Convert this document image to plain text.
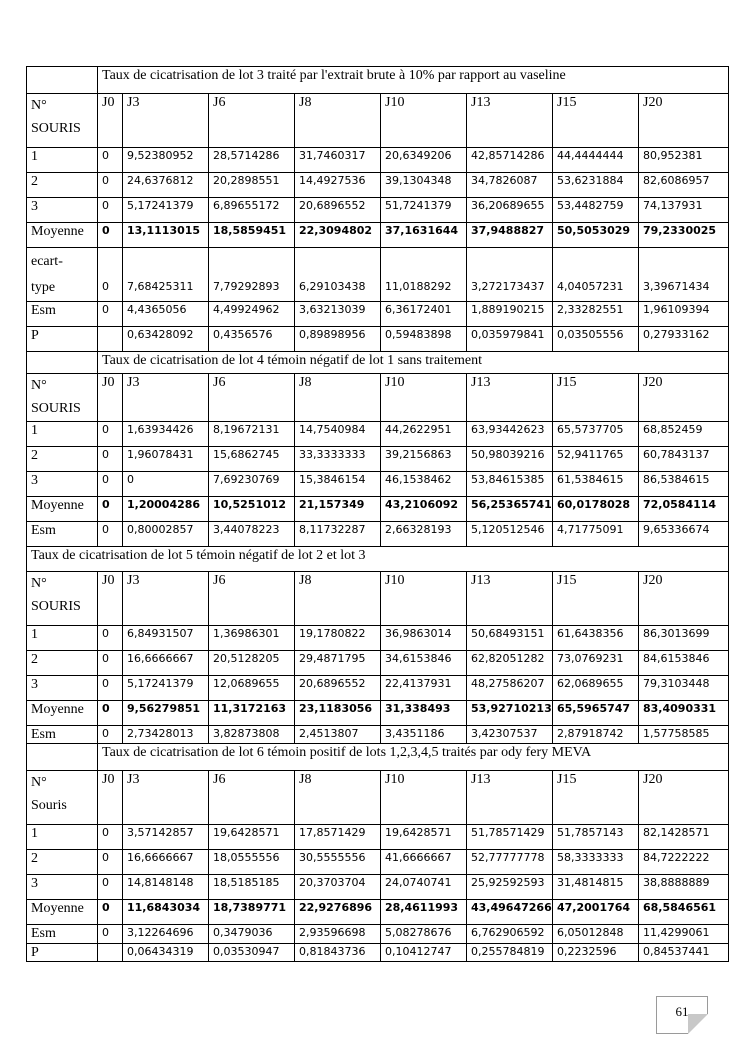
	Taux de cicatrisation de lot 3 traité par l'extrait brute à 10% par rapport au vaseline							

N°
SOURIS	J0	J3	J6	J8	J10	J13	J15	J20
1	0	9,52380952	28,5714286	31,7460317	20,6349206	42,85714286	44,4444444	80,952381
2	0	24,6376812	20,2898551	14,4927536	39,1304348	34,7826087	53,6231884	82,6086957
3	0	5,17241379	6,89655172	20,6896552	51,7241379	36,20689655	53,4482759	74,137931
Moyenne	0	13,1113015	18,5859451	22,3094802	37,1631644	37,9488827	50,5053029	79,2330025

ecart-
type	0	7,68425311	7,79292893	6,29103438	11,0188292	3,272173437	4,04057231	3,39671434
Esm	0	4,4365056	4,49924962	3,63213039	6,36172401	1,889190215	2,33282551	1,96109394
P		0,63428092	0,4356576	0,89898956	0,59483898	0,035979841	0,03505556	0,27933162
	Taux de cicatrisation de lot 4 témoin négatif de lot 1 sans traitement							

N°
SOURIS	J0	J3	J6	J8	J10	J13	J15	J20
1	0	1,63934426	8,19672131	14,7540984	44,2622951	63,93442623	65,5737705	68,852459
2	0	1,96078431	15,6862745	33,3333333	39,2156863	50,98039216	52,9411765	60,7843137
3	0	0	7,69230769	15,3846154	46,1538462	53,84615385	61,5384615	86,5384615
Moyenne	0	1,20004286	10,5251012	21,157349	43,2106092	56,25365741	60,0178028	72,0584114
Esm	0	0,80002857	3,44078223	8,11732287	2,66328193	5,120512546	4,71775091	9,65336674
Taux de cicatrisation de lot 5 témoin négatif de lot 2 et lot 3								

N°
SOURIS	J0	J3	J6	J8	J10	J13	J15	J20
1	0	6,84931507	1,36986301	19,1780822	36,9863014	50,68493151	61,6438356	86,3013699
2	0	16,6666667	20,5128205	29,4871795	34,6153846	62,82051282	73,0769231	84,6153846
3	0	5,17241379	12,0689655	20,6896552	22,4137931	48,27586207	62,0689655	79,3103448
Moyenne	0	9,56279851	11,3172163	23,1183056	31,338493	53,92710213	65,5965747	83,4090331
Esm	0	2,73428013	3,82873808	2,4513807	3,4351186	3,42307537	2,87918742	1,57758585
	Taux de cicatrisation de lot 6 témoin positif de lots 1,2,3,4,5 traités par ody fery MEVA							

N°
Souris	J0	J3	J6	J8	J10	J13	J15	J20
1	0	3,57142857	19,6428571	17,8571429	19,6428571	51,78571429	51,7857143	82,1428571
2	0	16,6666667	18,0555556	30,5555556	41,6666667	52,77777778	58,3333333	84,7222222
3	0	14,8148148	18,5185185	20,3703704	24,0740741	25,92592593	31,4814815	38,8888889
Moyenne	0	11,6843034	18,7389771	22,9276896	28,4611993	43,49647266	47,2001764	68,5846561
Esm	0	3,12264696	0,3479036	2,93596698	5,08278676	6,762906592	6,05012848	11,4299061
P		0,06434319	0,03530947	0,81843736	0,10412747	0,255784819	0,2232596	0,84537441
61
